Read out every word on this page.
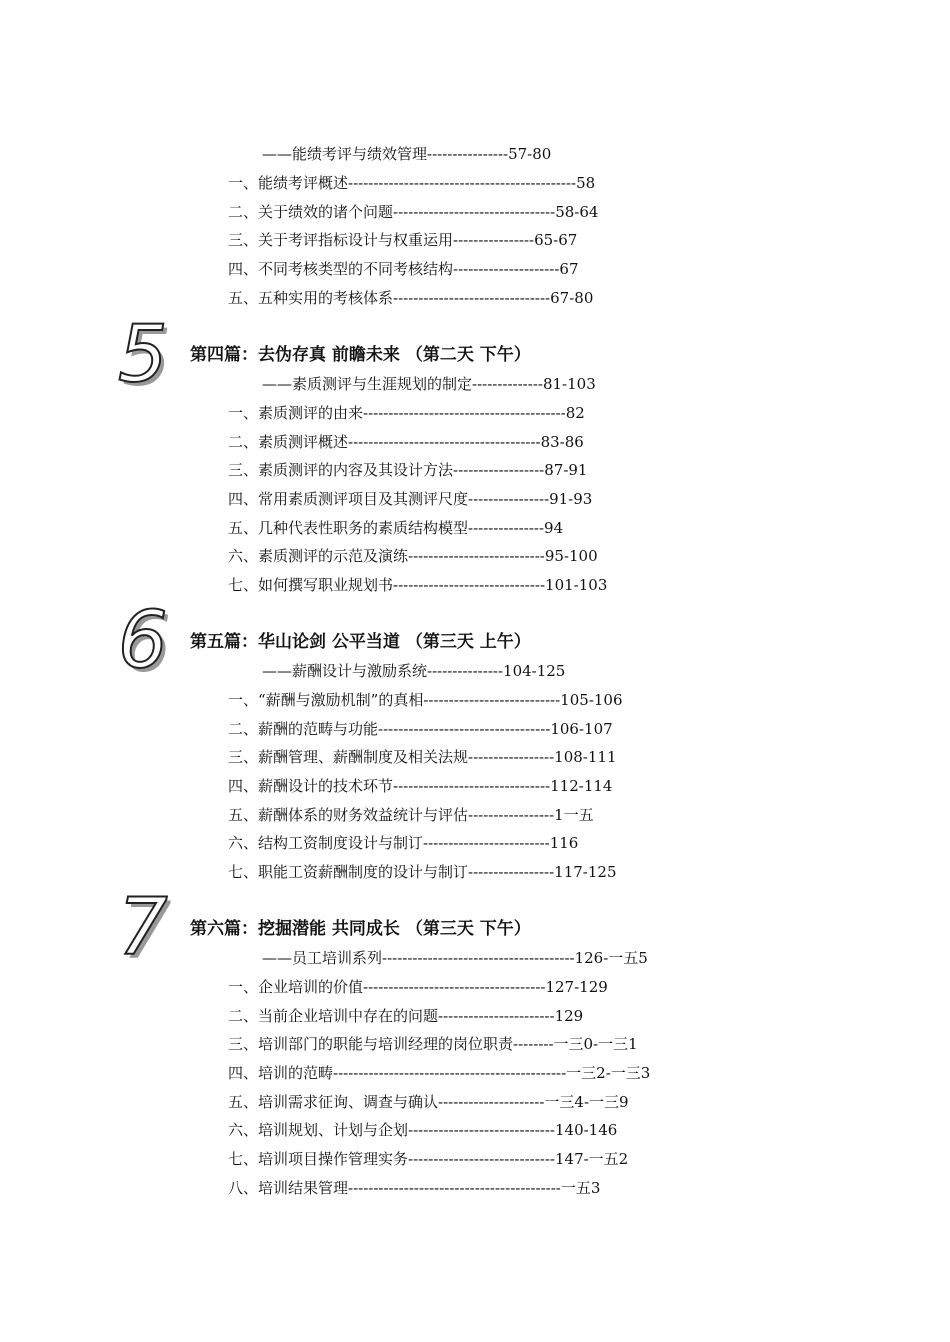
——能绩考评与绩效管理----------------57-80
一、能绩考评概述---------------------------------------------58
二、关于绩效的诸个问题--------------------------------58-64
三、关于考评指标设计与权重运用----------------65-67
四、不同考核类型的不同考核结构---------------------67
五、五种实用的考核体系-------------------------------67-80
5 第四篇：去伪存真 前瞻未来 （第二天 下午）
——素质测评与生涯规划的制定--------------81-103
一、素质测评的由来----------------------------------------82
二、素质测评概述--------------------------------------83-86
三、素质测评的内容及其设计方法------------------87-91
四、常用素质测评项目及其测评尺度----------------91-93
五、几种代表性职务的素质结构模型---------------94
六、素质测评的示范及演练---------------------------95-100
七、如何撰写职业规划书------------------------------101-103
6 第五篇：华山论剑 公平当道 （第三天 上午）
——薪酬设计与激励系统---------------104-125
一、“薪酬与激励机制”的真相---------------------------105-106
二、薪酬的范畴与功能----------------------------------106-107
三、薪酬管理、薪酬制度及相关法规-----------------108-111
四、薪酬设计的技术环节-------------------------------112-114
五、薪酬体系的财务效益统计与评估-----------------1一五
六、结构工资制度设计与制订-------------------------116
七、职能工资薪酬制度的设计与制订-----------------117-125
7 第六篇：挖掘潜能 共同成长 （第三天 下午）
——员工培训系列--------------------------------------126-一五5
一、企业培训的价值------------------------------------127-129
二、当前企业培训中存在的问题-----------------------129
三、培训部门的职能与培训经理的岗位职责--------一三0-一三1
四、培训的范畴----------------------------------------------一三2-一三3
五、培训需求征询、调查与确认---------------------一三4-一三9
六、培训规划、计划与企划-----------------------------140-146
七、培训项目操作管理实务-----------------------------147-一五2
八、培训结果管理------------------------------------------一五3
